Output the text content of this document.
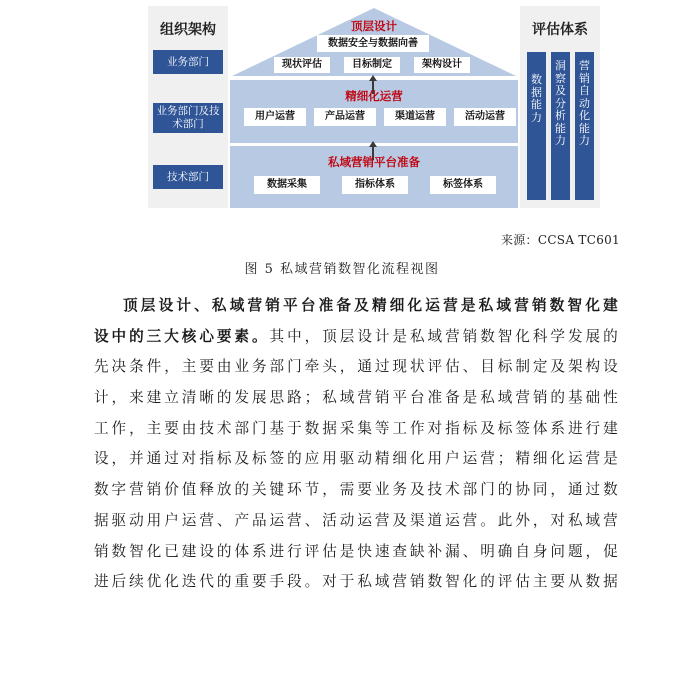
组织架构
业务部门
业务部门及技术部门
技术部门
评估体系
数据能力
洞察及分析能力
营销自动化能力
顶层设计
数据安全与数据向善
现状评估	目标制定	架构设计
精细化运营
用户运营	产品运营	渠道运营	活动运营
私域营销平台准备
数据采集	指标体系	标签体系
来源：CCSA TC601
图 5 私域营销数智化流程视图
顶层设计、私域营销平台准备及精细化运营是私域营销数智化建
设中的三大核心要素。其中，顶层设计是私域营销数智化科学发展的
先决条件，主要由业务部门牵头，通过现状评估、目标制定及架构设
计，来建立清晰的发展思路；私域营销平台准备是私域营销的基础性
工作，主要由技术部门基于数据采集等工作对指标及标签体系进行建
设，并通过对指标及标签的应用驱动精细化用户运营；精细化运营是
数字营销价值释放的关键环节，需要业务及技术部门的协同，通过数
据驱动用户运营、产品运营、活动运营及渠道运营。此外，对私域营
销数智化已建设的体系进行评估是快速查缺补漏、明确自身问题，促
进后续优化迭代的重要手段。对于私域营销数智化的评估主要从数据
